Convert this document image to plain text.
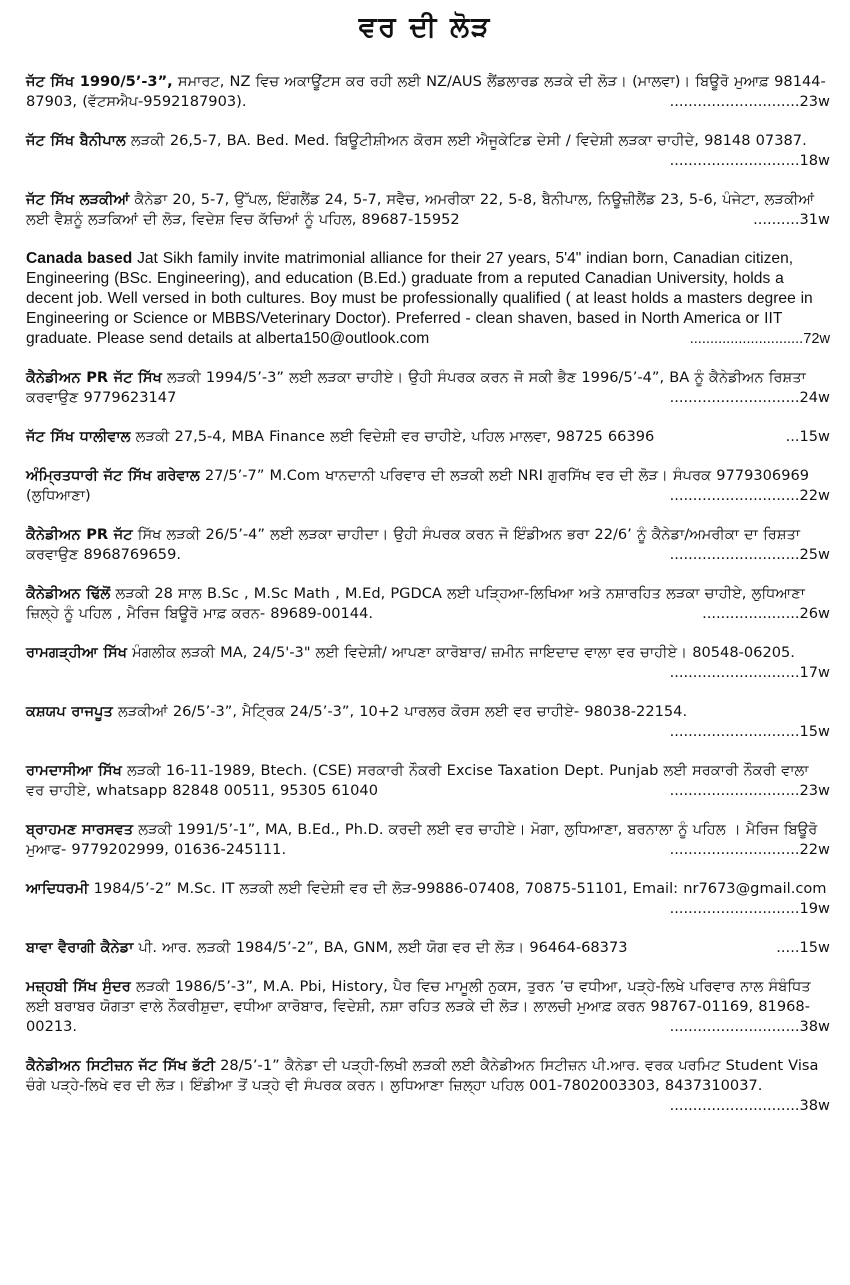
ਵਰ ਦੀ ਲੋੜ
ਜੱਟ ਸਿੱਖ 1990/5’-3”, ਸਮਾਰਟ, NZ ਵਿਚ ਅਕਾਊਂਟਸ ਕਰ ਰਹੀ ਲਈ NZ/AUS ਲੈਂਡਲਾਰਡ ਲੜਕੇ ਦੀ ਲੋੜ। (ਮਾਲਵਾ)। ਬਿਊਰੋ ਮੁਆਫ਼ 98144-87903, (ਵੱਟਸਐਪ-9592187903).	............................23w
ਜੱਟ ਸਿੱਖ ਬੈਨੀਪਾਲ ਲੜਕੀ 26,5-7, BA. Bed. Med. ਬਿਊਟੀਸ਼ੀਅਨ ਕੋਰਸ ਲਈ ਐਜੂਕੇਟਿਡ ਦੇਸੀ / ਵਿਦੇਸ਼ੀ ਲੜਕਾ ਚਾਹੀਦੇ, 98148 07387.
............................18w
ਜੱਟ ਸਿੱਖ ਲੜਕੀਆਂ ਕੈਨੇਡਾ 20, 5-7, ਉੱਪਲ, ਇੰਗਲੈਂਡ 24, 5-7, ਸਵੈਚ, ਅਮਰੀਕਾ 22, 5-8, ਬੈਨੀਪਾਲ, ਨਿਊਜ਼ੀਲੈਂਡ 23, 5-6, ਪੰਜੇਟਾ, ਲੜਕੀਆਂ ਲਈ ਵੈਸ਼ਨੂੰ ਲੜਕਿਆਂ ਦੀ ਲੋੜ, ਵਿਦੇਸ਼ ਵਿਚ ਕੱਚਿਆਂ ਨੂੰ ਪਹਿਲ, 89687-15952	..........31w
Canada based Jat Sikh family invite matrimonial alliance for their 27 years, 5'4" indian born, Canadian citizen, Engineering (BSc. Engineering), and education (B.Ed.) graduate from a reputed Canadian University, holds a decent job. Well versed in both cultures. Boy must be professionally qualified ( at least holds a masters degree in Engineering or Science or MBBS/Veterinary Doctor). Preferred - clean shaven, based in North America or IIT graduate. Please send details at alberta150@outlook.com	............................72w
ਕੈਨੇਡੀਅਨ PR ਜੱਟ ਸਿੱਖ ਲੜਕੀ 1994/5’-3” ਲਈ ਲੜਕਾ ਚਾਹੀਏ। ਉਹੀ ਸੰਪਰਕ ਕਰਨ ਜੋ ਸਕੀ ਭੈਣ 1996/5’-4”, BA ਨੂੰ ਕੈਨੇਡੀਅਨ ਰਿਸ਼ਤਾ ਕਰਵਾਉਣ 9779623147	............................24w
ਜੱਟ ਸਿੱਖ ਧਾਲੀਵਾਲ ਲੜਕੀ 27,5-4, MBA Finance ਲਈ ਵਿਦੇਸ਼ੀ ਵਰ ਚਾਹੀਏ, ਪਹਿਲ ਮਾਲਵਾ, 98725 66396	...15w
ਅੰਮ੍ਰਿਤਧਾਰੀ ਜੱਟ ਸਿੱਖ ਗਰੇਵਾਲ 27/5’-7” M.Com ਖਾਨਦਾਨੀ ਪਰਿਵਾਰ ਦੀ ਲੜਕੀ ਲਈ NRI ਗੁਰਸਿੱਖ ਵਰ ਦੀ ਲੋੜ। ਸੰਪਰਕ 9779306969 (ਲੁਧਿਆਣਾ)	............................22w
ਕੈਨੇਡੀਅਨ PR ਜੱਟ ਸਿੱਖ ਲੜਕੀ 26/5’-4” ਲਈ ਲੜਕਾ ਚਾਹੀਦਾ। ਉਹੀ ਸੰਪਰਕ ਕਰਨ ਜੋ ਇੰਡੀਅਨ ਭਰਾ 22/6’ ਨੂੰ ਕੈਨੇਡਾ/ਅਮਰੀਕਾ ਦਾ ਰਿਸ਼ਤਾ ਕਰਵਾਉਣ 8968769659.	............................25w
ਕੈਨੇਡੀਅਨ ਢਿੱਲੋਂ ਲੜਕੀ 28 ਸਾਲ B.Sc , M.Sc Math , M.Ed, PGDCA ਲਈ ਪੜ੍ਹਿਆ-ਲਿਖਿਆ ਅਤੇ ਨਸ਼ਾਰਹਿਤ ਲੜਕਾ ਚਾਹੀਏ, ਲੁਧਿਆਣਾ ਜ਼ਿਲ੍ਹੇ ਨੂੰ ਪਹਿਲ , ਮੈਰਿਜ ਬਿਊਰੋ ਮਾਫ਼ ਕਰਨ- 89689-00144.	.....................26w
ਰਾਮਗੜ੍ਹੀਆ ਸਿੱਖ ਮੰਗਲੀਕ ਲੜਕੀ MA, 24/5'-3" ਲਈ ਵਿਦੇਸ਼ੀ/ ਆਪਣਾ ਕਾਰੋਬਾਰ/ ਜ਼ਮੀਨ ਜਾਇਦਾਦ ਵਾਲਾ ਵਰ ਚਾਹੀਏ। 80548-06205.
............................17w
ਕਸ਼ਯਪ ਰਾਜਪੂਤ ਲੜਕੀਆਂ 26/5’-3”, ਮੈਟ੍ਰਿਕ 24/5’-3”, 10+2 ਪਾਰਲਰ ਕੋਰਸ ਲਈ ਵਰ ਚਾਹੀਏ- 98038-22154.
............................15w
ਰਾਮਦਾਸੀਆ ਸਿੱਖ ਲੜਕੀ 16-11-1989, Btech. (CSE) ਸਰਕਾਰੀ ਨੌਕਰੀ Excise Taxation Dept. Punjab ਲਈ ਸਰਕਾਰੀ ਨੌਕਰੀ ਵਾਲਾ ਵਰ ਚਾਹੀਏ, whatsapp 82848 00511, 95305 61040	............................23w
ਬ੍ਰਾਹਮਣ ਸਾਰਸਵਤ ਲੜਕੀ 1991/5’-1”, MA, B.Ed., Ph.D. ਕਰਦੀ ਲਈ ਵਰ ਚਾਹੀਏ। ਮੋਗਾ, ਲੁਧਿਆਣਾ, ਬਰਨਾਲਾ ਨੂੰ ਪਹਿਲ । ਮੈਰਿਜ ਬਿਊਰੋ ਮੁਆਫ- 9779202999, 01636-245111.	............................22w
ਆਦਿਧਰਮੀ 1984/5’-2” M.Sc. IT ਲੜਕੀ ਲਈ ਵਿਦੇਸ਼ੀ ਵਰ ਦੀ ਲੋੜ-99886-07408, 70875-51101, Email: nr7673@gmail.com
............................19w
ਬਾਵਾ ਵੈਰਾਗੀ ਕੈਨੇਡਾ ਪੀ. ਆਰ. ਲੜਕੀ 1984/5’-2”, BA, GNM, ਲਈ ਯੋਗ ਵਰ ਦੀ ਲੋੜ। 96464-68373	.....15w
ਮਜ਼੍ਹਬੀ ਸਿੱਖ ਸੁੰਦਰ ਲੜਕੀ 1986/5’-3”, M.A. Pbi, History, ਪੈਰ ਵਿਚ ਮਾਮੂਲੀ ਨੁਕਸ, ਤੁਰਨ ’ਚ ਵਧੀਆ, ਪੜ੍ਹੇ-ਲਿਖੇ ਪਰਿਵਾਰ ਨਾਲ ਸੰਬੰਧਿਤ ਲਈ ਬਰਾਬਰ ਯੋਗਤਾ ਵਾਲੇ ਨੌਕਰੀਸ਼ੁਦਾ, ਵਧੀਆ ਕਾਰੋਬਾਰ, ਵਿਦੇਸ਼ੀ, ਨਸ਼ਾ ਰਹਿਤ ਲੜਕੇ ਦੀ ਲੋੜ। ਲਾਲਚੀ ਮੁਆਫ਼ ਕਰਨ 98767-01169, 81968-00213.	............................38w
ਕੈਨੇਡੀਅਨ ਸਿਟੀਜ਼ਨ ਜੱਟ ਸਿੱਖ ਭੱਟੀ 28/5’-1” ਕੈਨੇਡਾ ਦੀ ਪੜ੍ਹੀ-ਲਿਖੀ ਲੜਕੀ ਲਈ ਕੈਨੇਡੀਅਨ ਸਿਟੀਜ਼ਨ ਪੀ.ਆਰ. ਵਰਕ ਪਰਮਿਟ Student Visa ਚੰਗੇ ਪੜ੍ਹੇ-ਲਿਖੇ ਵਰ ਦੀ ਲੋੜ। ਇੰਡੀਆ ਤੋਂ ਪੜ੍ਹੇ ਵੀ ਸੰਪਰਕ ਕਰਨ। ਲੁਧਿਆਣਾ ਜ਼ਿਲ੍ਹਾ ਪਹਿਲ 001-7802003303, 8437310037.
............................38w
